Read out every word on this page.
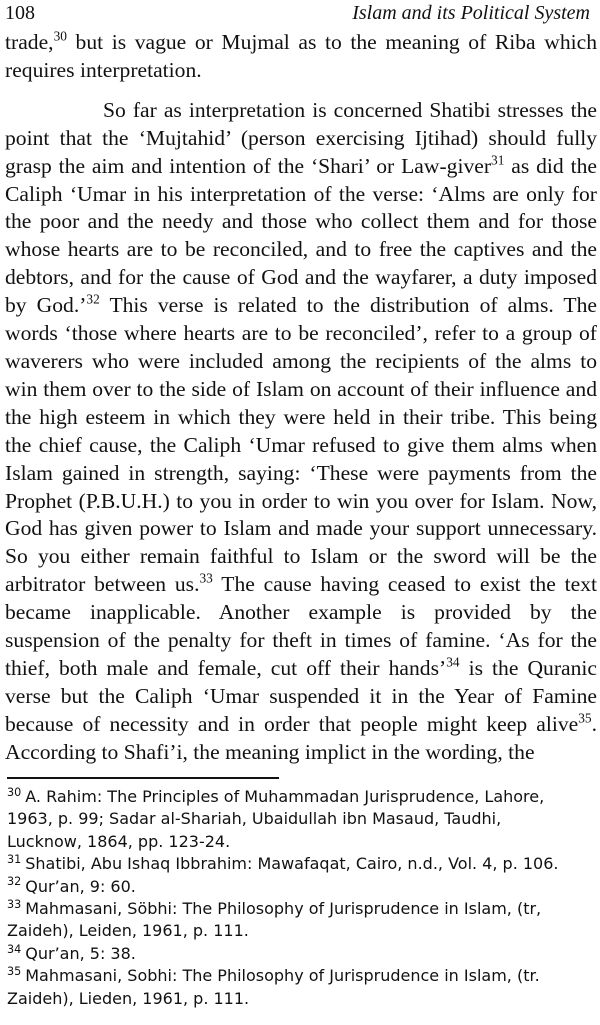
108	Islam and its Political System

trade,$^{30}$ but is vague or Mujmal as to the meaning of Riba which requires interpretation.

So far as interpretation is concerned Shatibi stresses the point that the ‘Mujtahid’ (person exercising Ijtihad) should fully grasp the aim and intention of the ‘Shari’ or Law-giver$^{31}$ as did the Caliph ‘Umar in his interpretation of the verse: ‘Alms are only for the poor and the needy and those who collect them and for those whose hearts are to be reconciled, and to free the captives and the debtors, and for the cause of God and the wayfarer, a duty imposed by God.’$^{32}$ This verse is related to the distribution of alms. The words ‘those where hearts are to be reconciled’, refer to a group of waverers who were included among the recipients of the alms to win them over to the side of Islam on account of their influence and the high esteem in which they were held in their tribe. This being the chief cause, the Caliph ‘Umar refused to give them alms when Islam gained in strength, saying: ‘These were payments from the Prophet (P.B.U.H.) to you in order to win you over for Islam. Now, God has given power to Islam and made your support unnecessary. So you either remain faithful to Islam or the sword will be the arbitrator between us.$^{33}$ The cause having ceased to exist the text became inapplicable. Another example is provided by the suspension of the penalty for theft in times of famine. ‘As for the thief, both male and female, cut off their hands’$^{34}$ is the Quranic verse but the Caliph ‘Umar suspended it in the Year of Famine because of necessity and in order that people might keep alive$^{35}$. According to Shafi’i, the meaning implict in the wording, the

$^{30}$ A. Rahim: The Principles of Muhammadan Jurisprudence, Lahore, 1963, p. 99; Sadar al-Shariah, Ubaidullah ibn Masaud, Taudhi, Lucknow, 1864, pp. 123-24.

$^{31}$ Shatibi, Abu Ishaq Ibbrahim: Mawafaqat, Cairo, n.d., Vol. 4, p. 106.

$^{32}$ Qur’an, 9: 60.

$^{33}$ Mahmasani, Söbhi: The Philosophy of Jurisprudence in Islam, (tr, Zaideh), Leiden, 1961, p. 111.

$^{34}$ Qur’an, 5: 38.

$^{35}$ Mahmasani, Sobhi: The Philosophy of Jurisprudence in Islam, (tr. Zaideh), Lieden, 1961, p. 111.
